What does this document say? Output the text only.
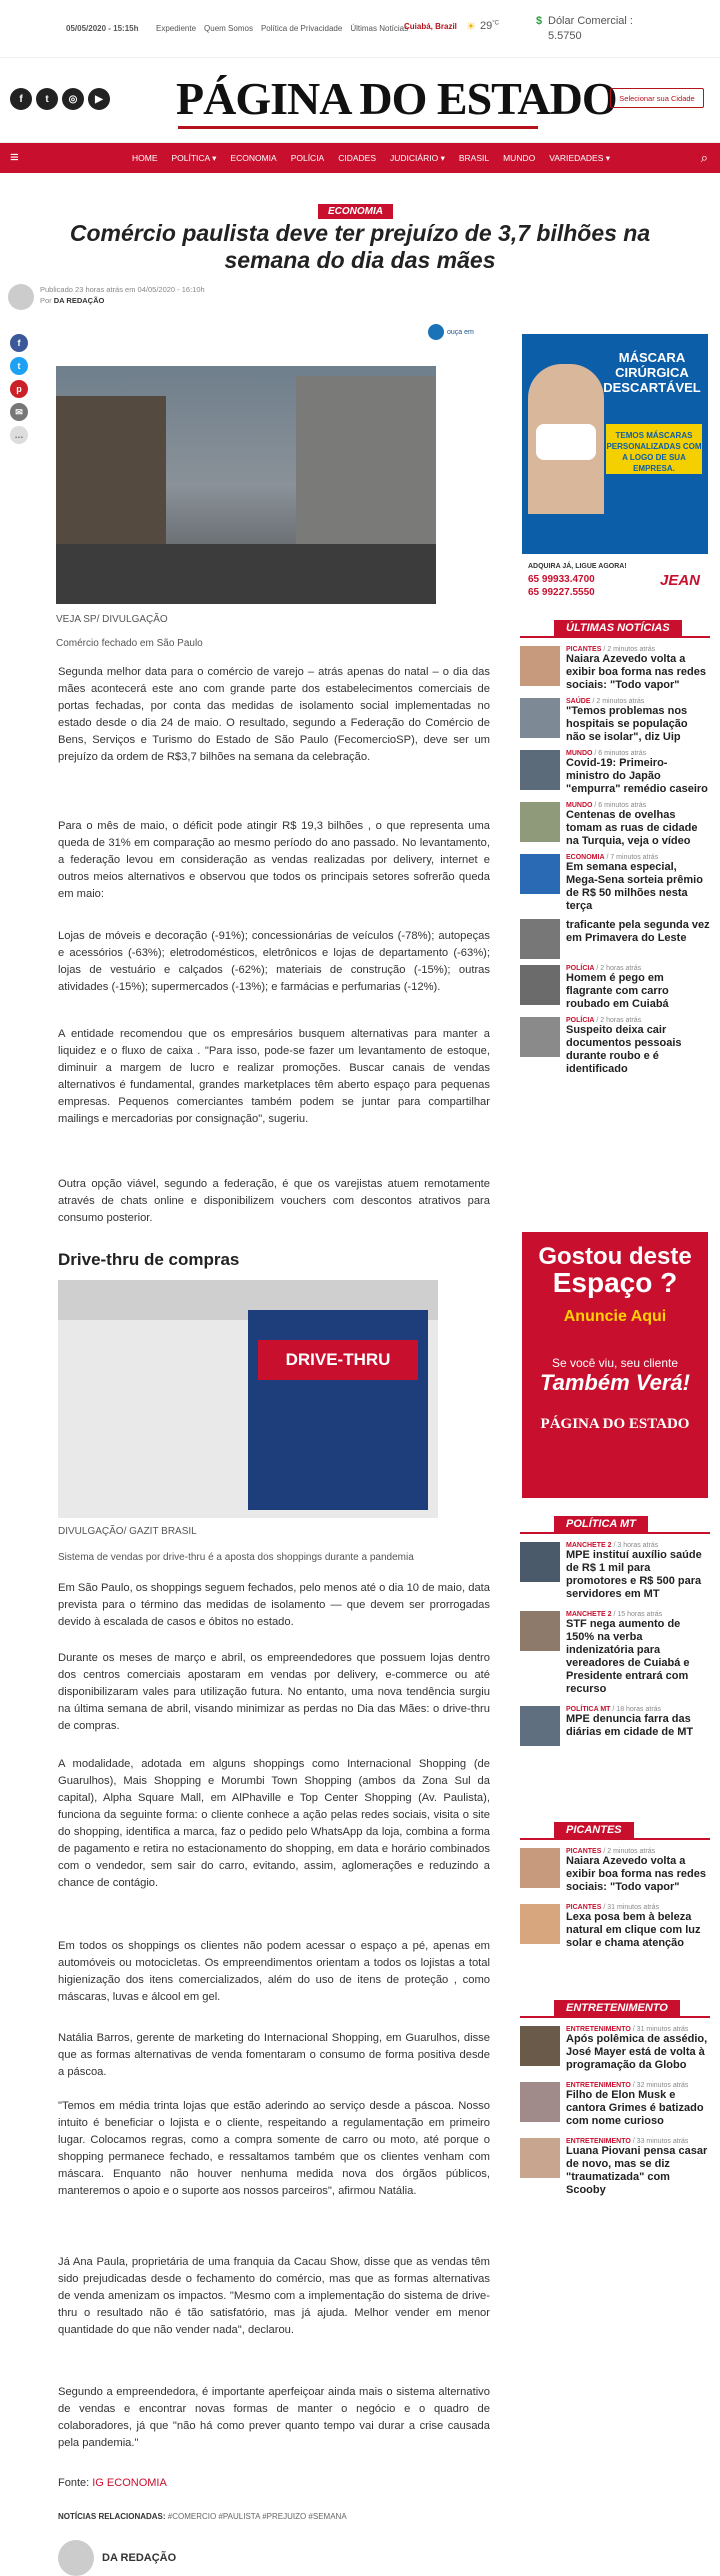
05/05/2020 - 15:15h Expediente Quem Somos Política de Privacidade Últimas Notícias
Cuiabá, Brazil ☀ $29^{^\circ C}$	$ Dólar Comercial :
5.5750
f	t	◎	▶ PÁGINA DO ESTADO Selecionar sua Cidade
≡	HOME POLÍTICA ▾ ECONOMIA POLÍCIA CIDADES JUDICIÁRIO ▾ BRASIL MUNDO VARIEDADES ▾	⌕
ECONOMIA
Comércio paulista deve ter prejuízo de 3,7 bilhões na semana do dia das mães
Publicado 23 horas atrás em 04/05/2020 - 16:10h
Por DA REDAÇÃO
f
t
p
✉
…
ouça em
VEJA SP/ DIVULGAÇÃO
Comércio fechado em São Paulo
Segunda melhor data para o comércio de varejo – atrás apenas do natal – o dia das mães acontecerá este ano com grande parte dos estabelecimentos comerciais de portas fechadas, por conta das medidas de isolamento social implementadas no estado desde o dia 24 de maio. O resultado, segundo a Federação do Comércio de Bens, Serviços e Turismo do Estado de São Paulo (FecomercioSP), deve ser um prejuízo da ordem de R$3,7 bilhões na semana da celebração.
Para o mês de maio, o déficit pode atingir R$ 19,3 bilhões , o que representa uma queda de 31% em comparação ao mesmo período do ano passado. No levantamento, a federação levou em consideração as vendas realizadas por delivery, internet e outros meios alternativos e observou que todos os principais setores sofrerão queda em maio:
Lojas de móveis e decoração (-91%); concessionárias de veículos (-78%); autopeças e acessórios (-63%); eletrodomésticos, eletrônicos e lojas de departamento (-63%); lojas de vestuário e calçados (-62%); materiais de construção (-15%); outras atividades (-15%); supermercados (-13%); e farmácias e perfumarias (-12%).
A entidade recomendou que os empresários busquem alternativas para manter a liquidez e o fluxo de caixa . "Para isso, pode-se fazer um levantamento de estoque, diminuir a margem de lucro e realizar promoções. Buscar canais de vendas alternativos é fundamental, grandes marketplaces têm aberto espaço para pequenas empresas. Pequenos comerciantes também podem se juntar para compartilhar mailings e mercadorias por consignação", sugeriu.
Outra opção viável, segundo a federação, é que os varejistas atuem remotamente através de chats online e disponibilizem vouchers com descontos atrativos para consumo posterior.
Drive-thru de compras
DRIVE-THRU
DIVULGAÇÃO/ GAZIT BRASIL
Sistema de vendas por drive-thru é a aposta dos shoppings durante a pandemia
Em São Paulo, os shoppings seguem fechados, pelo menos até o dia 10 de maio, data prevista para o término das medidas de isolamento — que devem ser prorrogadas devido à escalada de casos e óbitos no estado.
Durante os meses de março e abril, os empreendedores que possuem lojas dentro dos centros comerciais apostaram em vendas por delivery, e-commerce ou até disponibilizaram vales para utilização futura. No entanto, uma nova tendência surgiu na última semana de abril, visando minimizar as perdas no Dia das Mães: o drive-thru de compras.
A modalidade, adotada em alguns shoppings como Internacional Shopping (de Guarulhos), Mais Shopping e Morumbi Town Shopping (ambos da Zona Sul da capital), Alpha Square Mall, em AlPhaville e Top Center Shopping (Av. Paulista), funciona da seguinte forma: o cliente conhece a ação pelas redes sociais, visita o site do shopping, identifica a marca, faz o pedido pelo WhatsApp da loja, combina a forma de pagamento e retira no estacionamento do shopping, em data e horário combinados com o vendedor, sem sair do carro, evitando, assim, aglomerações e reduzindo a chance de contágio.
Em todos os shoppings os clientes não podem acessar o espaço a pé, apenas em automóveis ou motocicletas. Os empreendimentos orientam a todos os lojistas a total higienização dos itens comercializados, além do uso de itens de proteção , como máscaras, luvas e álcool em gel.
Natália Barros, gerente de marketing do Internacional Shopping, em Guarulhos, disse que as formas alternativas de venda fomentaram o consumo de forma positiva desde a páscoa.
"Temos em média trinta lojas que estão aderindo ao serviço desde a páscoa. Nosso intuito é beneficiar o lojista e o cliente, respeitando a regulamentação em primeiro lugar. Colocamos regras, como a compra somente de carro ou moto, até porque o shopping permanece fechado, e ressaltamos também que os clientes venham com máscara. Enquanto não houver nenhuma medida nova dos órgãos públicos, manteremos o apoio e o suporte aos nossos parceiros", afirmou Natália.
Já Ana Paula, proprietária de uma franquia da Cacau Show, disse que as vendas têm sido prejudicadas desde o fechamento do comércio, mas que as formas alternativas de venda amenizam os impactos. "Mesmo com a implementação do sistema de drive-thru o resultado não é tão satisfatório, mas já ajuda. Melhor vender em menor quantidade do que não vender nada", declarou.
Segundo a empreendedora, é importante aperfeiçoar ainda mais o sistema alternativo de vendas e encontrar novas formas de manter o negócio e o quadro de colaboradores, já que "não há como prever quanto tempo vai durar a crise causada pela pandemia."
Fonte: IG ECONOMIA
NOTÍCIAS RELACIONADAS: #COMERCIO #PAULISTA #PREJUIZO #SEMANA
DA REDAÇÃO
MÁSCARA CIRÚRGICA DESCARTÁVEL
TEMOS MÁSCARAS PERSONALIZADAS COM A LOGO DE SUA EMPRESA.
ADQUIRA JÁ, LIGUE AGORA!
65 99933.4700
65 99227.5550
JEAN
ÚLTIMAS NOTÍCIAS
PICANTES / 2 minutos atrás
Naiara Azevedo volta a exibir boa forma nas redes sociais: "Todo vapor"
SAÚDE / 2 minutos atrás
"Temos problemas nos hospitais se população não se isolar", diz Uip
MUNDO / 6 minutos atrás
Covid-19: Primeiro-ministro do Japão "empurra" remédio caseiro
MUNDO / 6 minutos atrás
Centenas de ovelhas tomam as ruas de cidade na Turquia, veja o vídeo
ECONOMIA / 7 minutos atrás
Em semana especial, Mega-Sena sorteia prêmio de R$ 50 milhões nesta terça
traficante pela segunda vez em Primavera do Leste
POLÍCIA / 2 horas atrás
Homem é pego em flagrante com carro roubado em Cuiabá
POLÍCIA / 2 horas atrás
Suspeito deixa cair documentos pessoais durante roubo e é identificado
Gostou deste
Espaço ?
Anuncie Aqui
Se você viu, seu cliente
Também Verá!
PÁGINA DO ESTADO
POLÍTICA MT
MANCHETE 2 / 3 horas atrás
MPE instituí auxílio saúde de R$ 1 mil para promotores e R$ 500 para servidores em MT
MANCHETE 2 / 15 horas atrás
STF nega aumento de 150% na verba indenizatória para vereadores de Cuiabá e Presidente entrará com recurso
POLÍTICA MT / 18 horas atrás
MPE denuncia farra das diárias em cidade de MT
PICANTES
PICANTES / 2 minutos atrás
Naiara Azevedo volta a exibir boa forma nas redes sociais: "Todo vapor"
PICANTES / 31 minutos atrás
Lexa posa bem à beleza natural em clique com luz solar e chama atenção
ENTRETENIMENTO
ENTRETENIMENTO / 31 minutos atrás
Após polêmica de assédio, José Mayer está de volta à programação da Globo
ENTRETENIMENTO / 32 minutos atrás
Filho de Elon Musk e cantora Grimes é batizado com nome curioso
ENTRETENIMENTO / 33 minutos atrás
Luana Piovani pensa casar de novo, mas se diz "traumatizada" com Scooby
